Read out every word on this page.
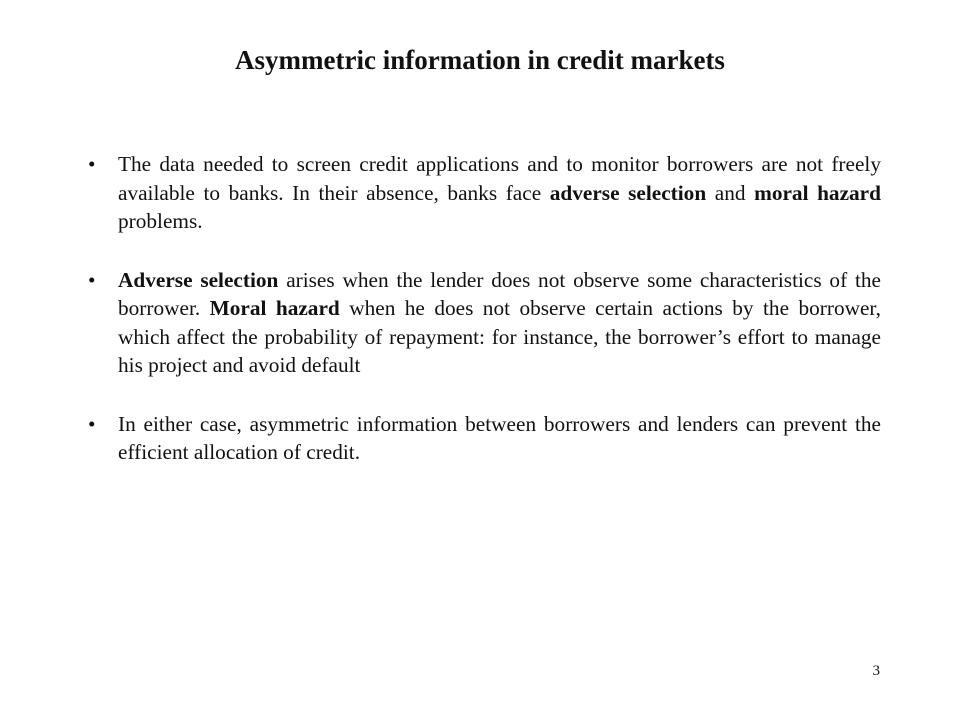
Asymmetric information in credit markets
•	The data needed to screen credit applications and to monitor borrowers are not freely available to banks. In their absence, banks face adverse selection and moral hazard problems.
•	Adverse selection arises when the lender does not observe some characteristics of the borrower. Moral hazard when he does not observe certain actions by the borrower, which affect the probability of repayment: for instance, the borrower’s effort to manage his project and avoid default
•	In either case, asymmetric information between borrowers and lenders can prevent the efficient allocation of credit.
3
